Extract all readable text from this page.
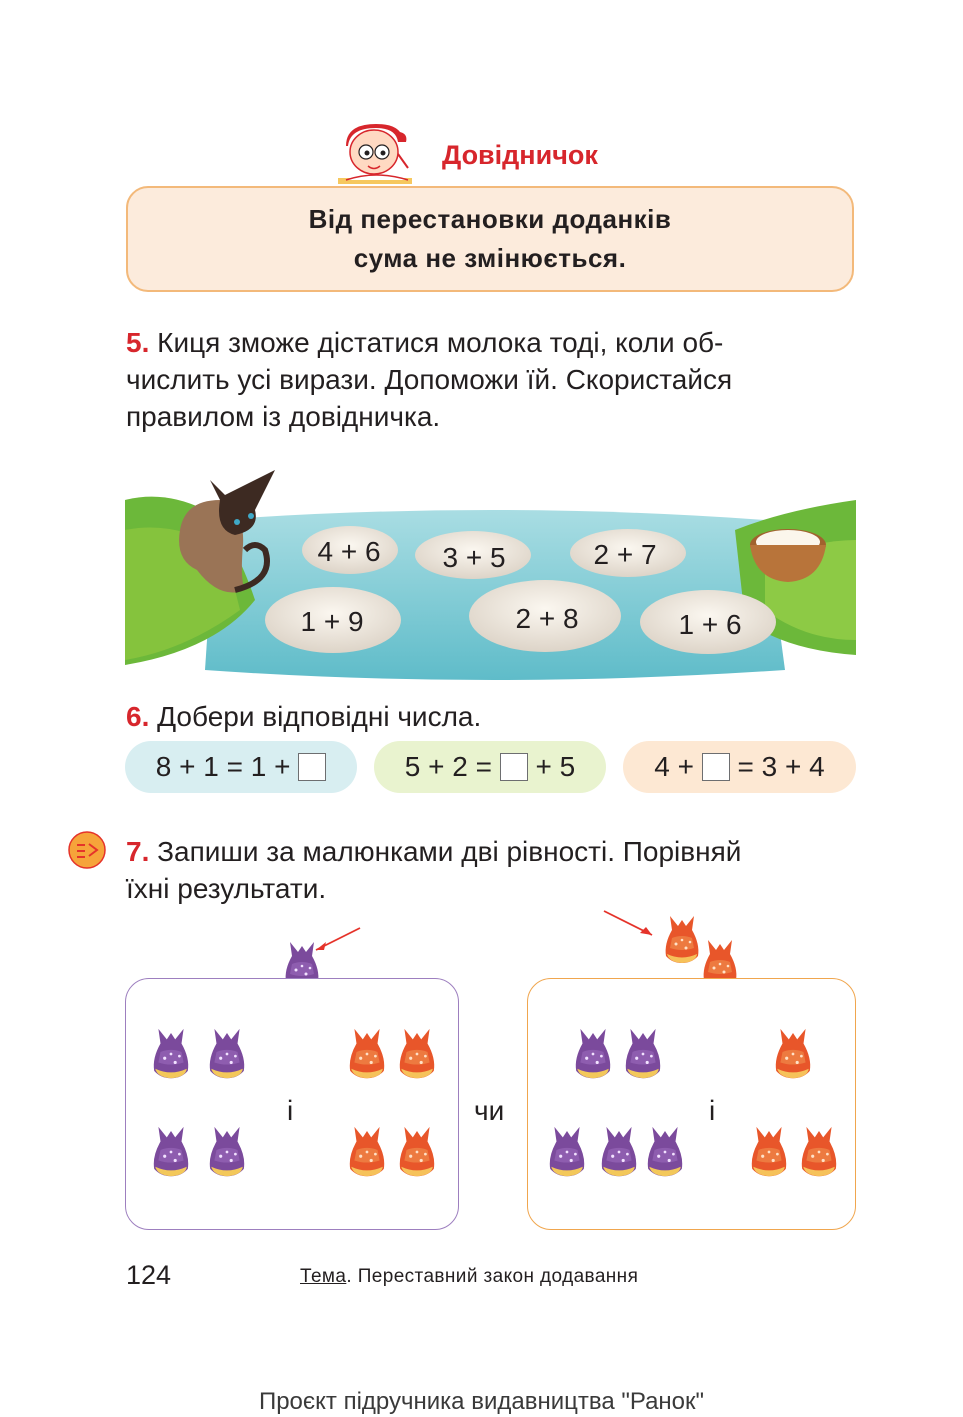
Довідничок
Від перестановки доданків
сума не змінюється.
5. Киця зможе дістатися молока тоді, коли об-
числить усі вирази. Допоможи їй. Скористайся
правилом із довідничка.
4 + 6 3 + 5	2 + 7
1 + 9	2 + 8	1 + 6
6. Добери відповідні числа.
8 + 1 = 1 +	5 + 2 = + 5	4 + = 3 + 4
7. Запиши за малюнками дві рівності. Порівняй
їхні результати.
і	чи	і
124	Тема. Переставний закон додавання
Проєкт підручника видавництва "Ранок"
